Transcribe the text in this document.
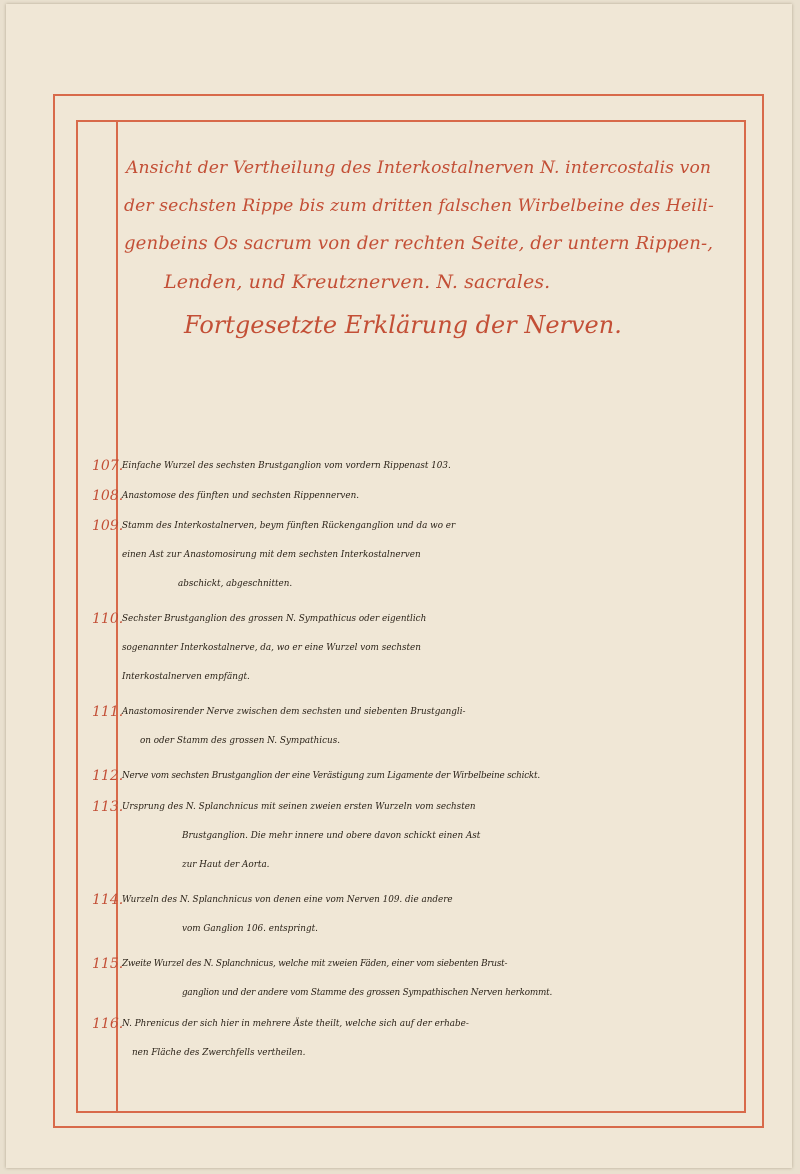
Ansicht der Vertheilung des Interkostalnerven N. intercostalis von
der sechsten Rippe bis zum dritten falschen Wirbelbeine des Heili‑
genbeins Os sacrum von der rechten Seite, der untern Rippen‑,
Lenden, und Kreutznerven. N. sacrales.
Fortgesetzte Erklärung der Nerven.
107.
Einfache Wurzel des sechsten Brustganglion vom vordern Rippenast 103.
108.
Anastomose des fünften und sechsten Rippennerven.
109.
Stamm des Interkostalnerven, beym fünften Rückenganglion und da wo er
einen Ast zur Anastomosirung mit dem sechsten Interkostalnerven
abschickt, abgeschnitten.
110.
Sechster Brustganglion des grossen N. Sympathicus oder eigentlich
sogenannter Interkostalnerve, da, wo er eine Wurzel vom sechsten
Interkostalnerven empfängt.
111.
Anastomosirender Nerve zwischen dem sechsten und siebenten Brustgangli‑
on oder Stamm des grossen N. Sympathicus.
112.
Nerve vom sechsten Brustganglion der eine Verästigung zum Ligamente der Wirbelbeine schickt.
113.
Ursprung des N. Splanchnicus mit seinen zweien ersten Wurzeln vom sechsten
Brustganglion. Die mehr innere und obere davon schickt einen Ast
zur Haut der Aorta.
114.
Wurzeln des N. Splanchnicus von denen eine vom Nerven 109. die andere
vom Ganglion 106. entspringt.
115.
Zweite Wurzel des N. Splanchnicus, welche mit zweien Fäden, einer vom siebenten Brust‑
ganglion und der andere vom Stamme des grossen Sympathischen Nerven herkommt.
116.
N. Phrenicus der sich hier in mehrere Äste theilt, welche sich auf der erhabe‑
nen Fläche des Zwerchfells vertheilen.
